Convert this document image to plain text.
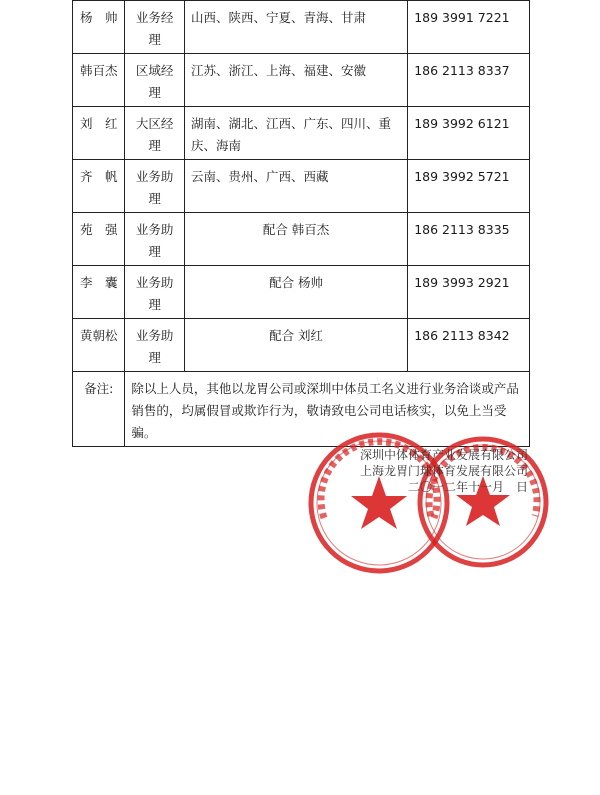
杨　帅	业务经理	山西、陕西、宁夏、青海、甘肃	189 3991 7221
韩百杰	区域经理	江苏、浙江、上海、福建、安徽	186 2113 8337
刘　红	大区经理	湖南、湖北、江西、广东、四川、重庆、海南	189 3992 6121
齐　帆	业务助理	云南、贵州、广西、西藏	189 3992 5721
苑　强	业务助理	配合 韩百杰	186 2113 8335
李　囊	业务助理	配合 杨帅	189 3993 2921
黄朝松	业务助理	配合 刘红	186 2113 8342
备注:	除以上人员，其他以龙胃公司或深圳中体员工名义进行业务洽谈或产品销售的，均属假冒或欺诈行为，敬请致电公司电话核实，以免上当受骗。		
深圳中体体育产业发展有限公司
上海龙胃门球体育发展有限公司
二〇一二年十一月　日
